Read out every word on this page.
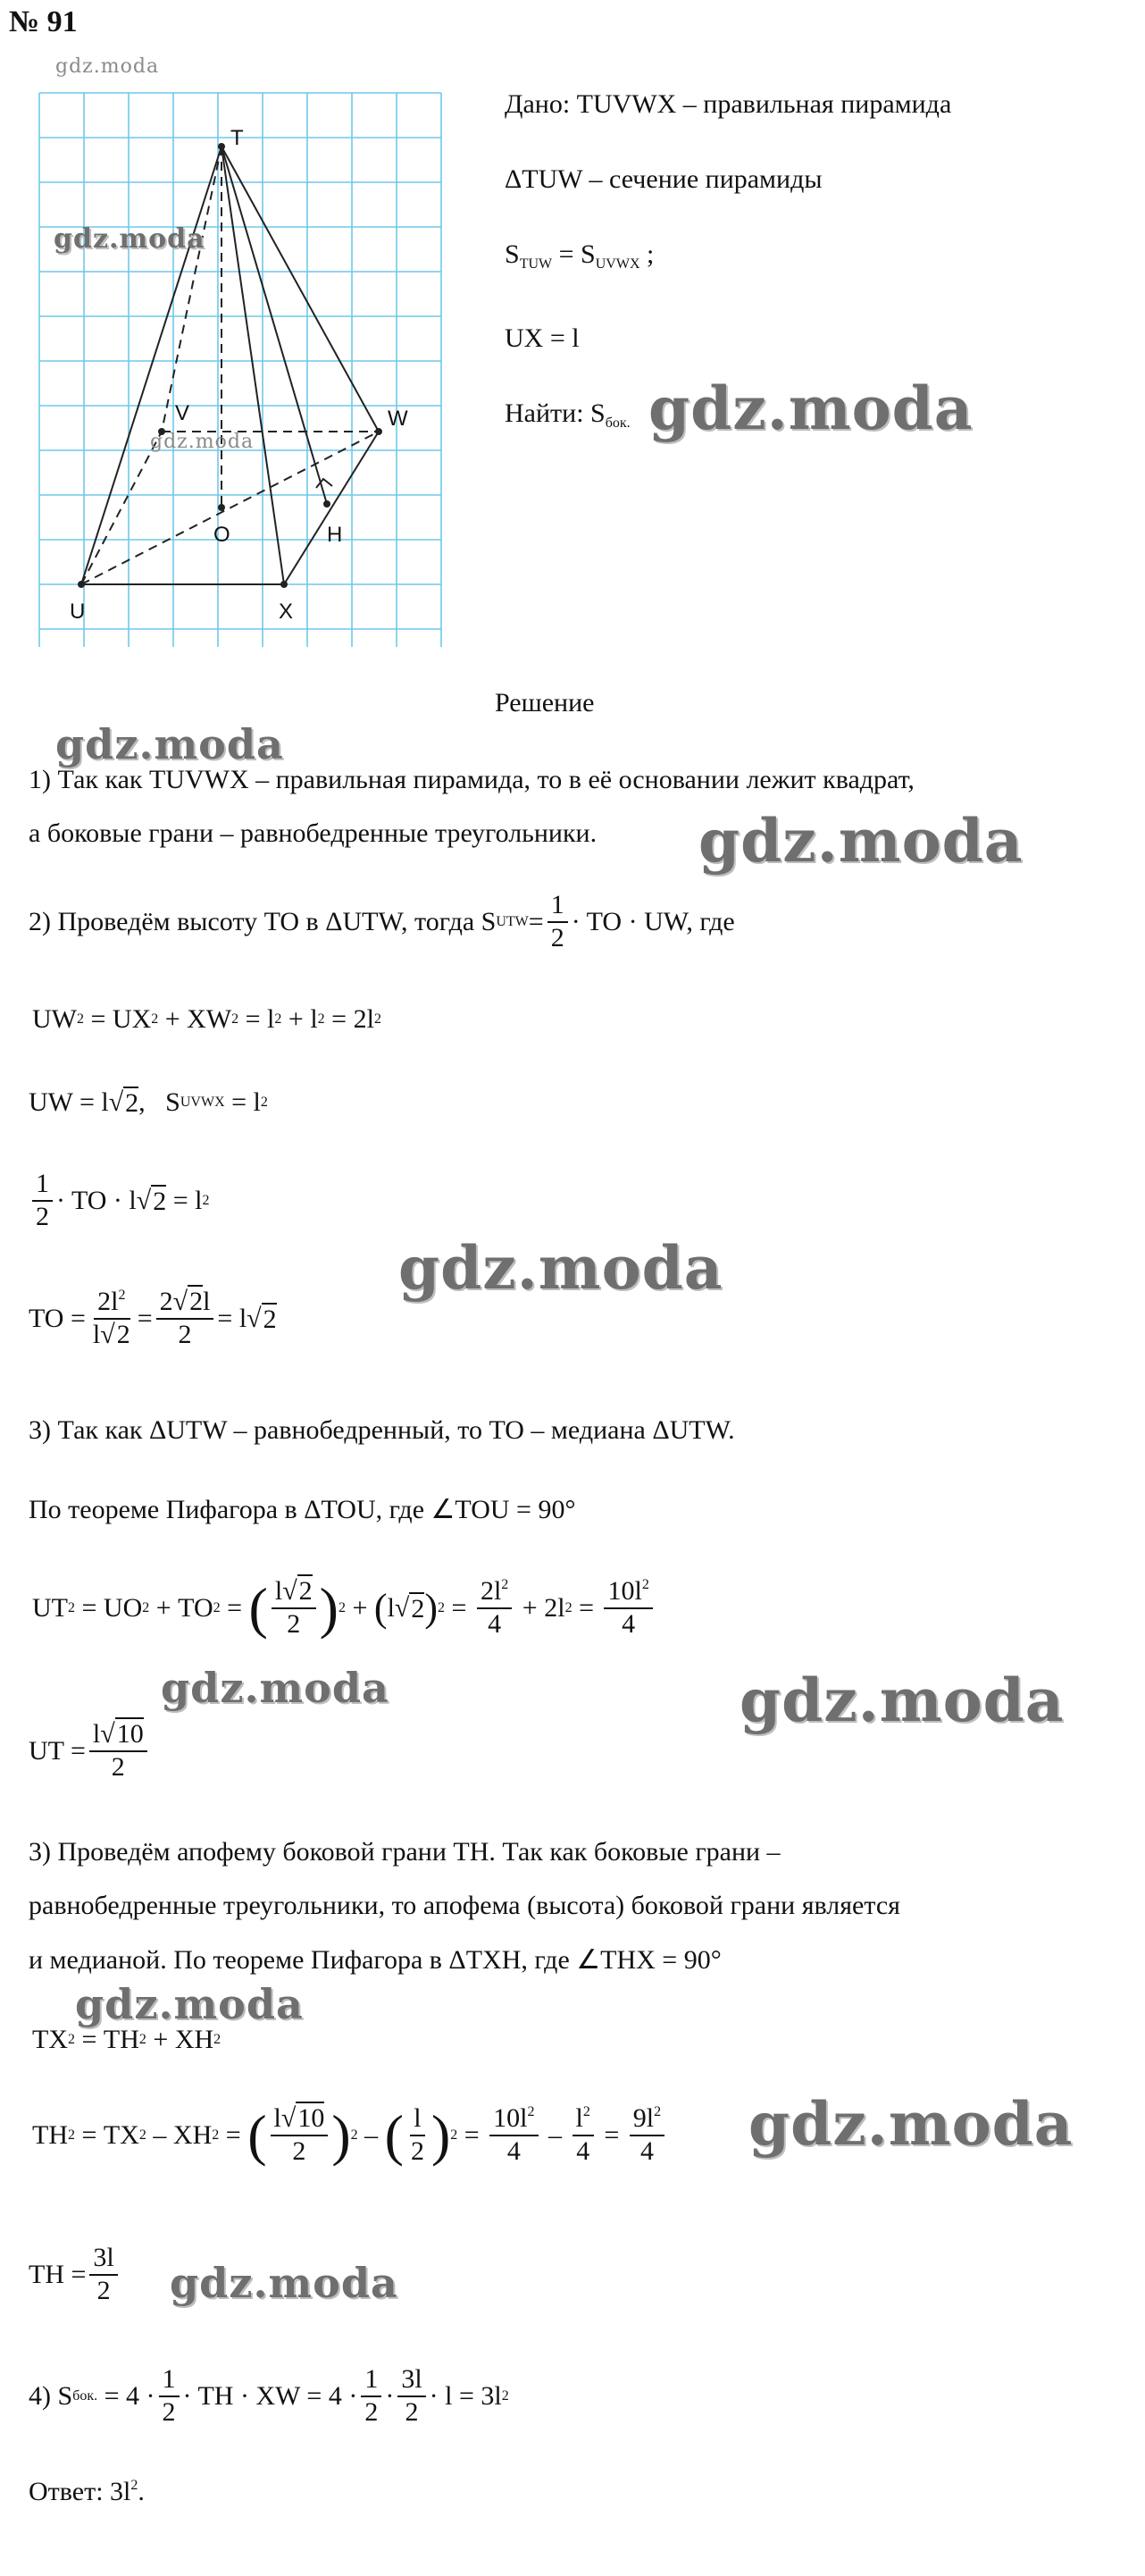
№ 91
gdz.moda
T
V	W
O	H
U	X
gdz.moda
gdz.moda
Дано: TUVWX – правильная пирамида
ΔTUW – сечение пирамиды
$S_{TUW} = S_{UVWX}$ ;
UX = l
Найти: $S_{бок.}$ gdz.moda
Решение
gdz.moda
1) Так как TUVWX – правильная пирамида, то в её основании лежит квадрат,
а боковые грани – равнобедренные треугольники. gdz.moda
2) Проведём высоту TO в ΔUTW, тогда S UTW = $\frac{1}{2}$ · TO · UW, где
UW 2 = UX 2 + XW 2 = l 2 + l 2 = 2l 2
UW = l√ 2 ,   S UVWX = l 2
$\frac{1}{2}$ · TO · l√ 2 = l 2
TO = $\frac{2l^2}{l√2} = \frac{2√2l}{2} = l√$ 2
gdz.moda
3) Так как ΔUTW – равнобедренный, то TO – медиана ΔUTW.
По теореме Пифагора в ΔTOU, где ∠TOU = 90°
UT 2 = UO 2 + TO 2 = ( $\frac{l√2}{2}$ ) 2 + ( l√ 2 ) $2 = \frac{2l^2}{4} + 2l$ $2 = \frac{10l^2}{4}$
gdz.moda	gdz.moda
UT = $\frac{l√10}{2}$
3) Проведём апофему боковой грани TH. Так как боковые грани –
равнобедренные треугольники, то апофема (высота) боковой грани является
и медианой. По теореме Пифагора в ΔTXH, где ∠THX = 90°
gdz.moda
TX 2 = TH 2 + XH 2
TH 2 = TX 2 – XH 2 = ( $\frac{l√10}{2}$ ) 2 – ( $\frac{l}{2}$ ) $2 = \frac{10l^2}{4} - \frac{l^2}{4} = \frac{9l^2}{4}$ gdz.moda
TH = $\frac{3l}{2}$ gdz.moda
4) S бок. = $4 \cdot \frac{1}{2}$ · TH · XW = $4 \cdot \frac{1}{2} \cdot \frac{3l}{2} \cdot l = 3l$ 2
Ответ: $3l^2$.
